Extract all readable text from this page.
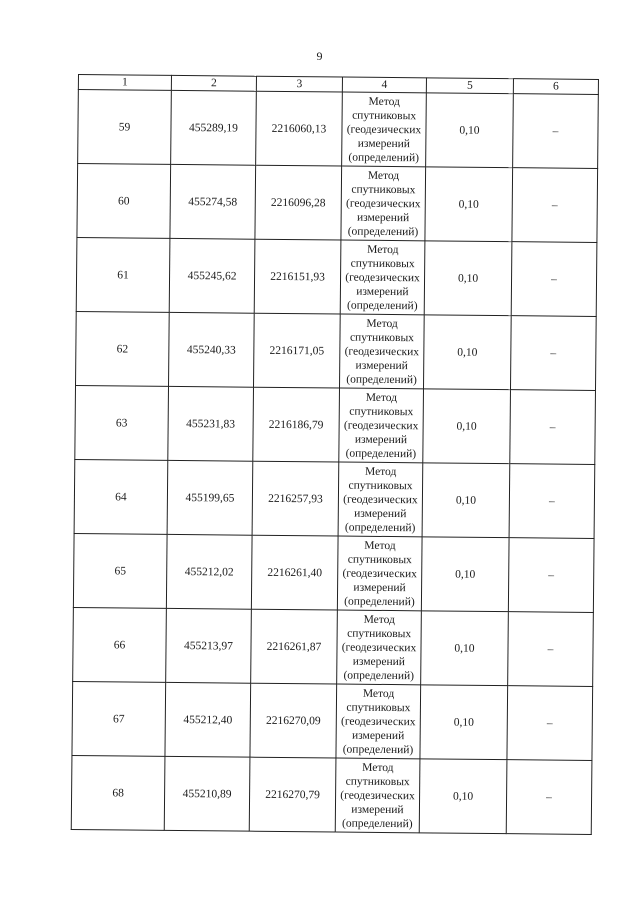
9
1	2	3	4	5	6
59	455289,19	2216060,13	Метод
спутниковых
(геодезических
измерений
(определений)	0,10	–
60	455274,58	2216096,28	Метод
спутниковых
(геодезических
измерений
(определений)	0,10	–
61	455245,62	2216151,93	Метод
спутниковых
(геодезических
измерений
(определений)	0,10	–
62	455240,33	2216171,05	Метод
спутниковых
(геодезических
измерений
(определений)	0,10	–
63	455231,83	2216186,79	Метод
спутниковых
(геодезических
измерений
(определений)	0,10	–
64	455199,65	2216257,93	Метод
спутниковых
(геодезических
измерений
(определений)	0,10	–
65	455212,02	2216261,40	Метод
спутниковых
(геодезических
измерений
(определений)	0,10	–
66	455213,97	2216261,87	Метод
спутниковых
(геодезических
измерений
(определений)	0,10	–
67	455212,40	2216270,09	Метод
спутниковых
(геодезических
измерений
(определений)	0,10	–
68	455210,89	2216270,79	Метод
спутниковых
(геодезических
измерений
(определений)	0,10	–
